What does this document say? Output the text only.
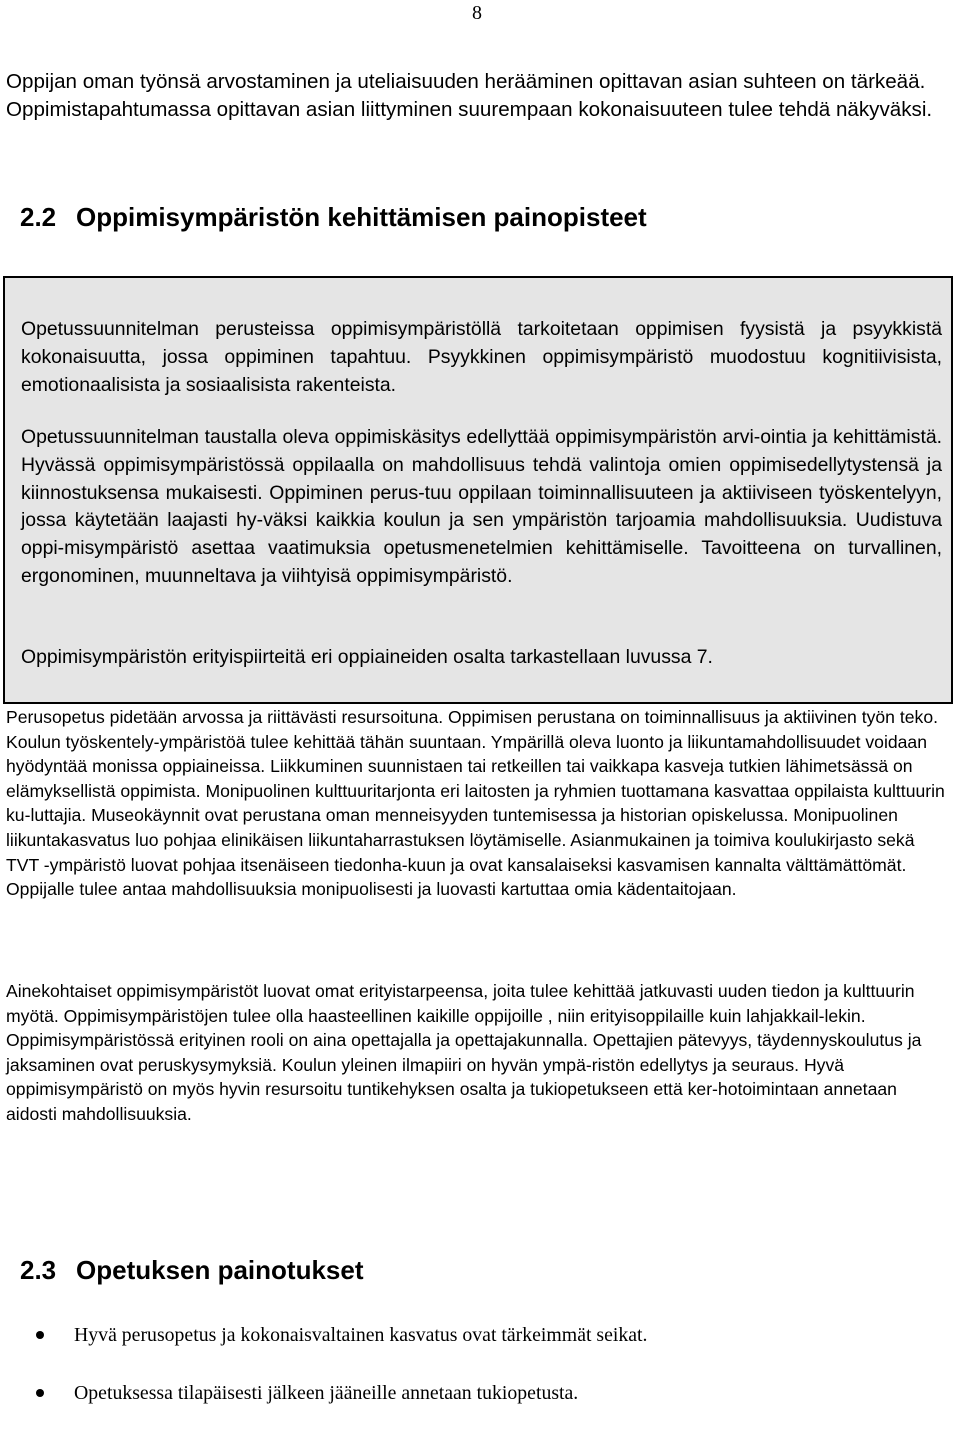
8

Oppijan oman työnsä arvostaminen ja uteliaisuuden herääminen opittavan asian suhteen on tärkeää. Oppimistapahtumassa opittavan asian liittyminen suurempaan kokonaisuuteen tulee tehdä näkyväksi.

2.2 Oppimisympäristön kehittämisen painopisteet

Opetussuunnitelman perusteissa oppimisympäristöllä tarkoitetaan oppimisen fyysistä ja psyykkistä kokonaisuutta, jossa oppiminen tapahtuu. Psyykkinen oppimisympäristö muodostuu kognitiivisista, emotionaalisista ja sosiaalisista rakenteista.

Opetussuunnitelman taustalla oleva oppimiskäsitys edellyttää oppimisympäristön arvi-ointia ja kehittämistä. Hyvässä oppimisympäristössä oppilaalla on mahdollisuus tehdä valintoja omien oppimisedellytystensä ja kiinnostuksensa mukaisesti. Oppiminen perus-tuu oppilaan toiminnallisuuteen ja aktiiviseen työskentelyyn, jossa käytetään laajasti hy-väksi kaikkia koulun ja sen ympäristön tarjoamia mahdollisuuksia. Uudistuva oppi-misympäristö asettaa vaatimuksia opetusmenetelmien kehittämiselle. Tavoitteena on turvallinen, ergonominen, muunneltava ja viihtyisä oppimisympäristö.

Oppimisympäristön erityispiirteitä eri oppiaineiden osalta tarkastellaan luvussa 7.

Perusopetus pidetään arvossa ja riittävästi resursoituna. Oppimisen perustana on toiminnallisuus ja aktiivinen työn teko. Koulun työskentely-ympäristöä tulee kehittää tähän suuntaan. Ympärillä oleva luonto ja liikuntamahdollisuudet voidaan hyödyntää monissa oppiaineissa. Liikkuminen suunnistaen tai retkeillen tai vaikkapa kasveja tutkien lähimetsässä on elämyksellistä oppimista. Monipuolinen kulttuuritarjonta eri laitosten ja ryhmien tuottamana kasvattaa oppilaista kulttuurin ku-luttajia. Museokäynnit ovat perustana oman menneisyyden tuntemisessa ja historian opiskelussa. Monipuolinen liikuntakasvatus luo pohjaa elinikäisen liikuntaharrastuksen löytämiselle. Asianmukainen ja toimiva koulukirjasto sekä TVT -ympäristö luovat pohjaa itsenäiseen tiedonha-kuun ja ovat kansalaiseksi kasvamisen kannalta välttämättömät. Oppijalle tulee antaa mahdollisuuksia monipuolisesti ja luovasti kartuttaa omia kädentaitojaan.

Ainekohtaiset oppimisympäristöt luovat omat erityistarpeensa, joita tulee kehittää jatkuvasti uuden tiedon ja kulttuurin myötä. Oppimisympäristöjen tulee olla haasteellinen kaikille oppijoille , niin erityisoppilaille kuin lahjakkail-lekin. Oppimisympäristössä erityinen rooli on aina opettajalla ja opettajakunnalla. Opettajien pätevyys, täydennyskoulutus ja jaksaminen ovat peruskysymyksiä. Koulun yleinen ilmapiiri on hyvän ympä-ristön edellytys ja seuraus. Hyvä oppimisympäristö on myös hyvin resursoitu tuntikehyksen osalta ja tukiopetukseen että ker-hotoimintaan annetaan aidosti mahdollisuuksia.

2.3 Opetuksen painotukset
Hyvä perusopetus ja kokonaisvaltainen kasvatus ovat tärkeimmät seikat.
Opetuksessa tilapäisesti jälkeen jääneille annetaan tukiopetusta.
